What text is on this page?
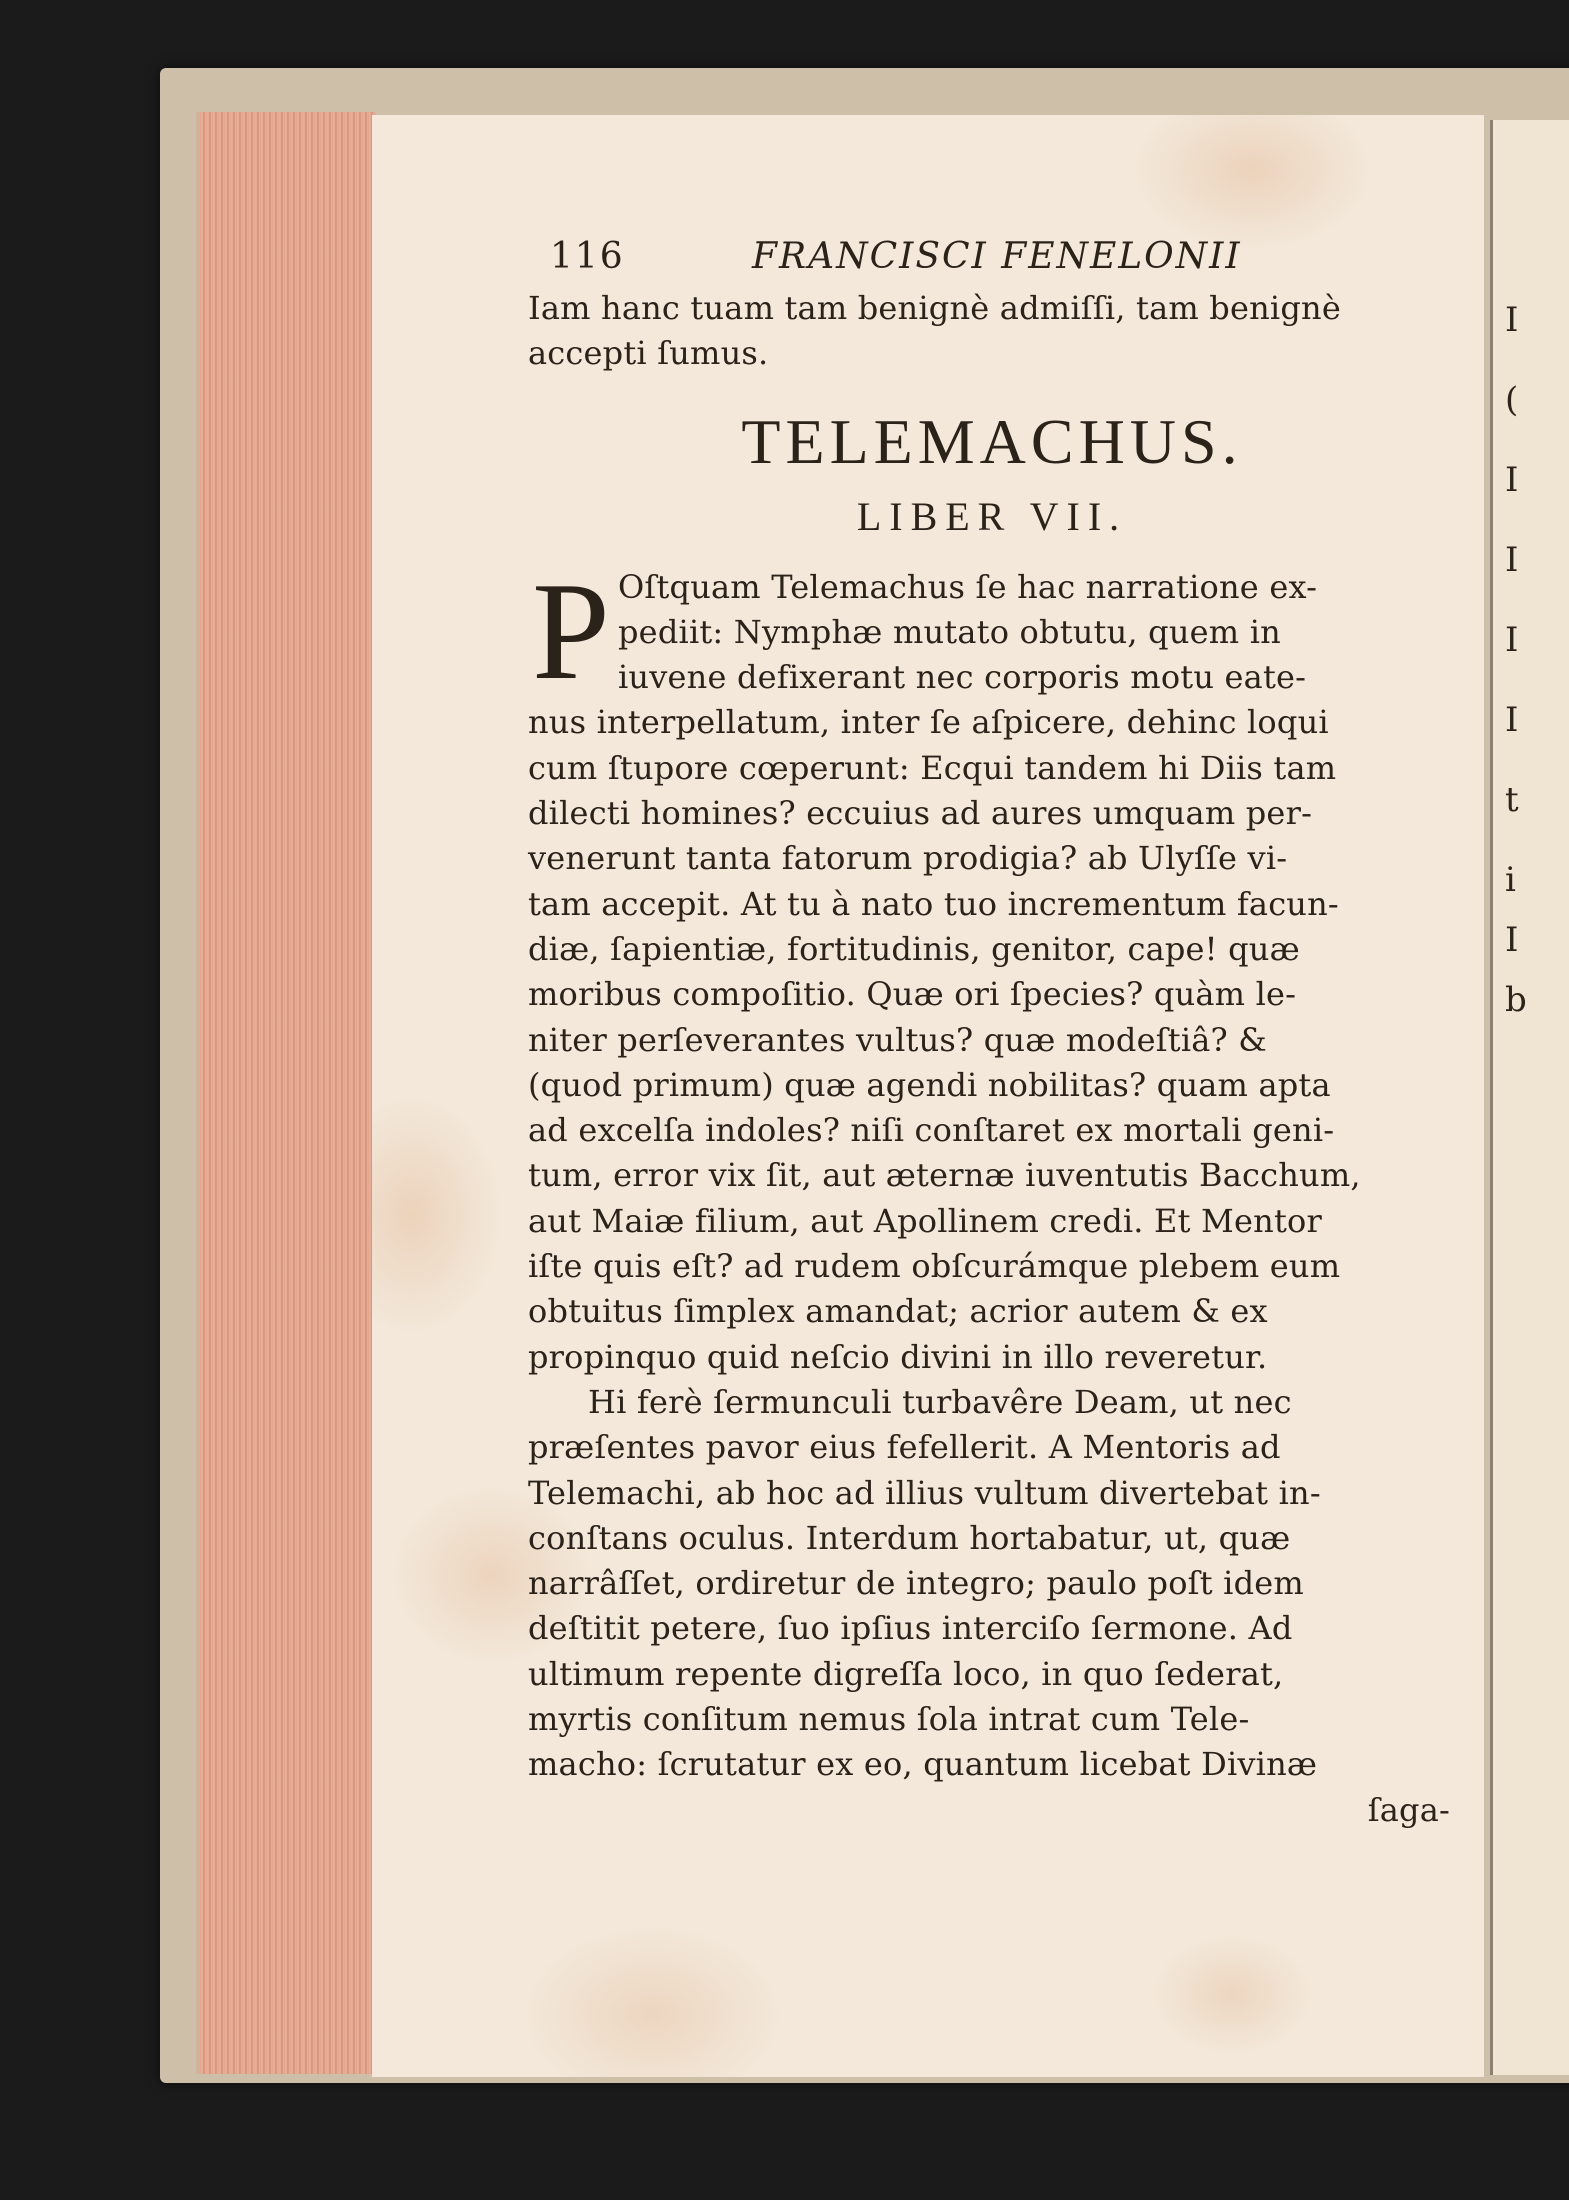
I
(
I
I
I
I
t
i
I
b
116	FRANCISCI FENELONII
Iam hanc tuam tam benignè admiſſi, tam benignè
accepti ſumus.
TELEMACHUS.
LIBER VII.
P Oſtquam Telemachus ſe hac narratione ex-
pediit: Nymphæ mutato obtutu, quem in
iuvene defixerant nec corporis motu eate-
nus interpellatum, inter ſe aſpicere, dehinc loqui
cum ſtupore cœperunt: Ecqui tandem hi Diis tam
dilecti homines? eccuius ad aures umquam per-
venerunt tanta fatorum prodigia? ab Ulyſſe vi-
tam accepit. At tu à nato tuo incrementum facun-
diæ, ſapientiæ, fortitudinis, genitor, cape! quæ
moribus compoſitio. Quæ ori ſpecies? quàm le-
niter perſeverantes vultus? quæ modeſtiâ? &
(quod primum) quæ agendi nobilitas? quam apta
ad excelſa indoles? niſi conſtaret ex mortali geni-
tum, error vix ſit, aut æternæ iuventutis Bacchum,
aut Maiæ filium, aut Apollinem credi. Et Mentor
iſte quis eſt? ad rudem obſcurámque plebem eum
obtuitus ſimplex amandat; acrior autem & ex
propinquo quid neſcio divini in illo reveretur.
Hi ferè ſermunculi turbavêre Deam, ut nec
præſentes pavor eius fefellerit. A Mentoris ad
Telemachi, ab hoc ad illius vultum divertebat in-
conſtans oculus. Interdum hortabatur, ut, quæ
narrâſſet, ordiretur de integro; paulo poſt idem
deſtitit petere, ſuo ipſius interciſo ſermone. Ad
ultimum repente digreſſa loco, in quo ſederat,
myrtis conſitum nemus ſola intrat cum Tele-
macho: ſcrutatur ex eo, quantum licebat Divinæ
ſaga-
